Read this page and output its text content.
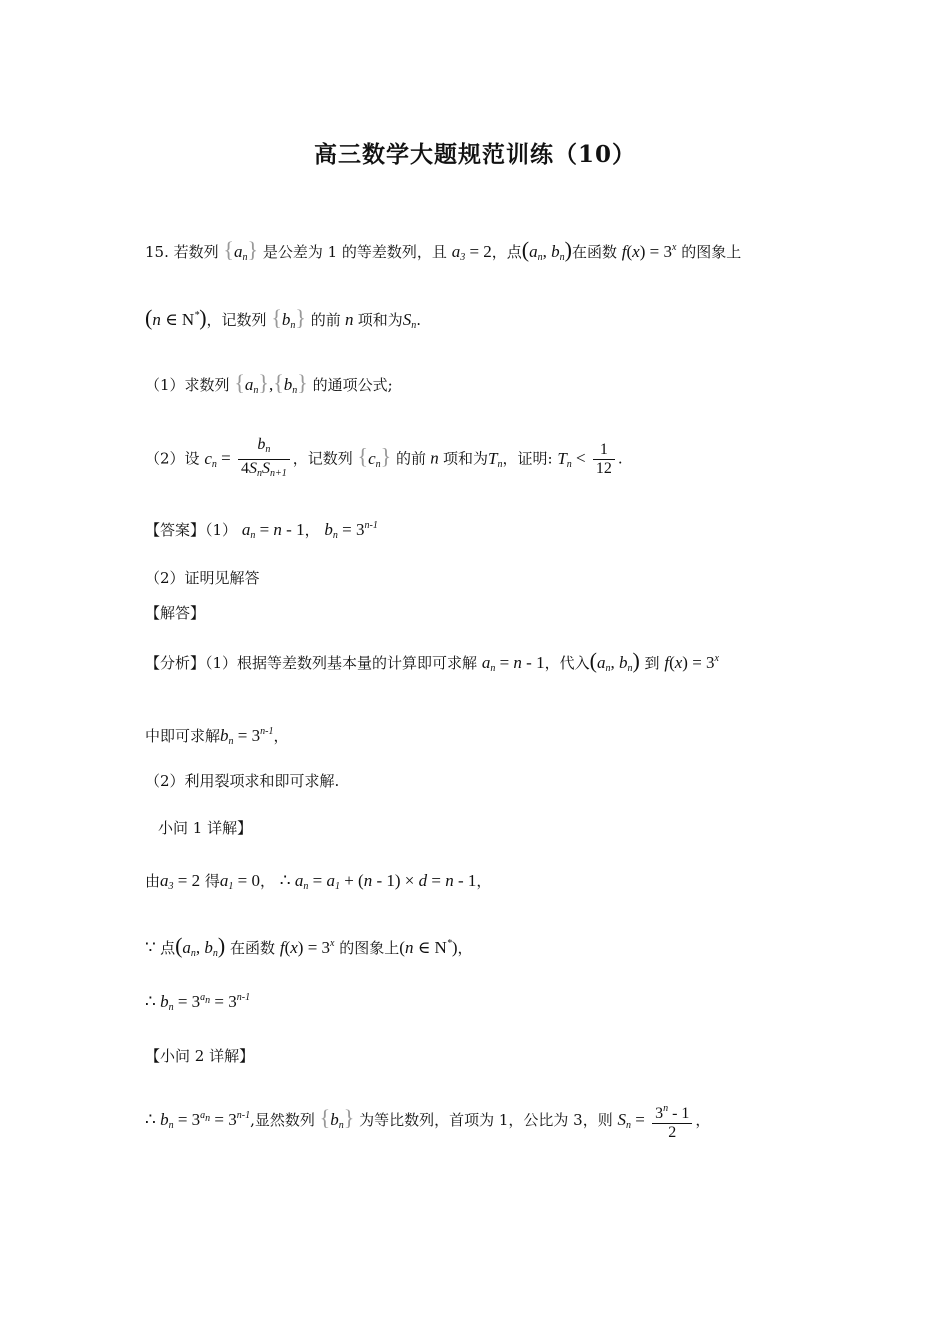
高三数学大题规范训练（10）
15. 若数列 $\{a_n\}$ 是公差为 1 的等差数列，且 $a_3 = 2$，点($a_n$, $b_n$)在函数 $f(x) = 3^x$ 的图象上
(n ∈ N*)，记数列 $\{b_n\}$ 的前 n 项和为$S_n$.
（1）求数列 $\{a_n\},\{b_n\}$ 的通项公式;
（2）设 $c_n = \frac{b_n}{4S_nS_{n+1}}$ ，记数列 $\{c_n\}$ 的前 n 项和为$T_n$，证明: $T_n < \frac{1}{12}$ .
【答案】（1） $a_n = n - 1$， $b_n = 3^{n-1}$
（2）证明见解答
【解答】
【分析】（1）根据等差数列基本量的计算即可求解 $a_n = n - 1$，代入($a_n$, $b_n$) 到 $f(x) = 3^x$
中即可求解$b_n = 3^{n-1}$，
（2）利用裂项求和即可求解.
小问 1 详解】
由$a_3 = 2$ 得$a_1 = 0$， ∴ $a_n = a_1 + (n - 1) \times d = n - 1$，
∵ 点($a_n$, $b_n$) 在函数 $f(x) = 3^x$ 的图象上(n ∈ N*)，
∴ $b_n = 3^{a_n} = 3^{n-1}$
【小问 2 详解】
∴ $b_n = 3^{a_n} = 3^{n-1}$,显然数列 $\{b_n\}$ 为等比数列，首项为 1，公比为 3，则 $S_n = \frac{3^n - 1}{2}$ ，
